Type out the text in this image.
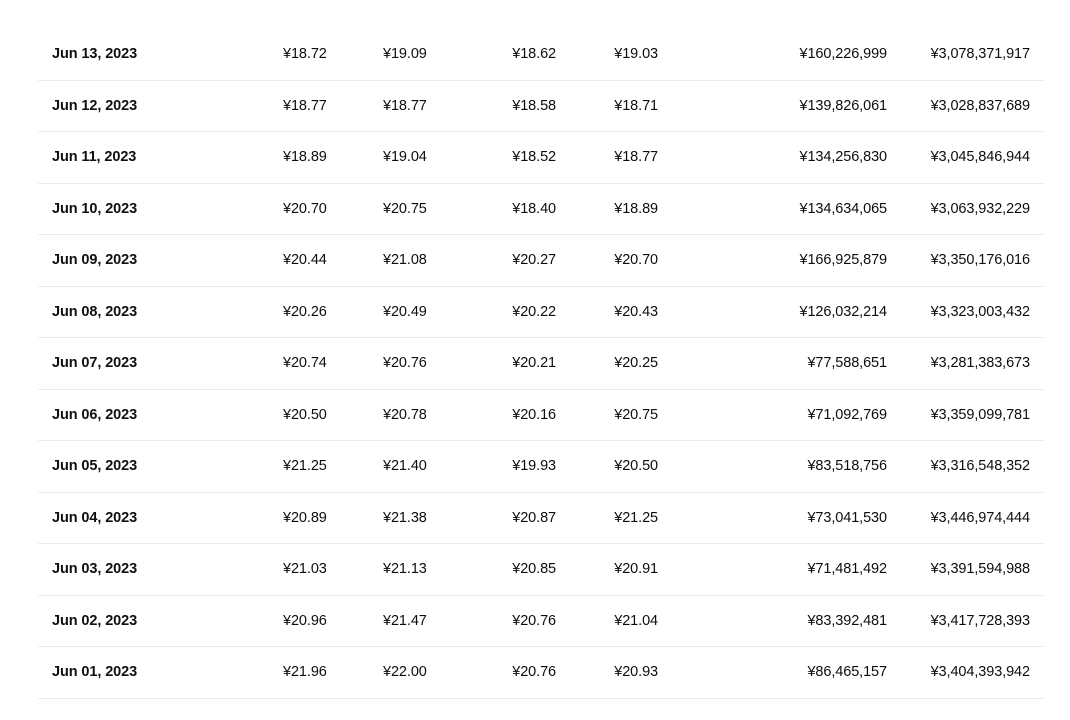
Jun 13, 2023	¥18.72	¥19.09	¥18.62	¥19.03	¥160,226,999	¥3,078,371,917
Jun 12, 2023	¥18.77	¥18.77	¥18.58	¥18.71	¥139,826,061	¥3,028,837,689
Jun 11, 2023	¥18.89	¥19.04	¥18.52	¥18.77	¥134,256,830	¥3,045,846,944
Jun 10, 2023	¥20.70	¥20.75	¥18.40	¥18.89	¥134,634,065	¥3,063,932,229
Jun 09, 2023	¥20.44	¥21.08	¥20.27	¥20.70	¥166,925,879	¥3,350,176,016
Jun 08, 2023	¥20.26	¥20.49	¥20.22	¥20.43	¥126,032,214	¥3,323,003,432
Jun 07, 2023	¥20.74	¥20.76	¥20.21	¥20.25	¥77,588,651	¥3,281,383,673
Jun 06, 2023	¥20.50	¥20.78	¥20.16	¥20.75	¥71,092,769	¥3,359,099,781
Jun 05, 2023	¥21.25	¥21.40	¥19.93	¥20.50	¥83,518,756	¥3,316,548,352
Jun 04, 2023	¥20.89	¥21.38	¥20.87	¥21.25	¥73,041,530	¥3,446,974,444
Jun 03, 2023	¥21.03	¥21.13	¥20.85	¥20.91	¥71,481,492	¥3,391,594,988
Jun 02, 2023	¥20.96	¥21.47	¥20.76	¥21.04	¥83,392,481	¥3,417,728,393
Jun 01, 2023	¥21.96	¥22.00	¥20.76	¥20.93	¥86,465,157	¥3,404,393,942
